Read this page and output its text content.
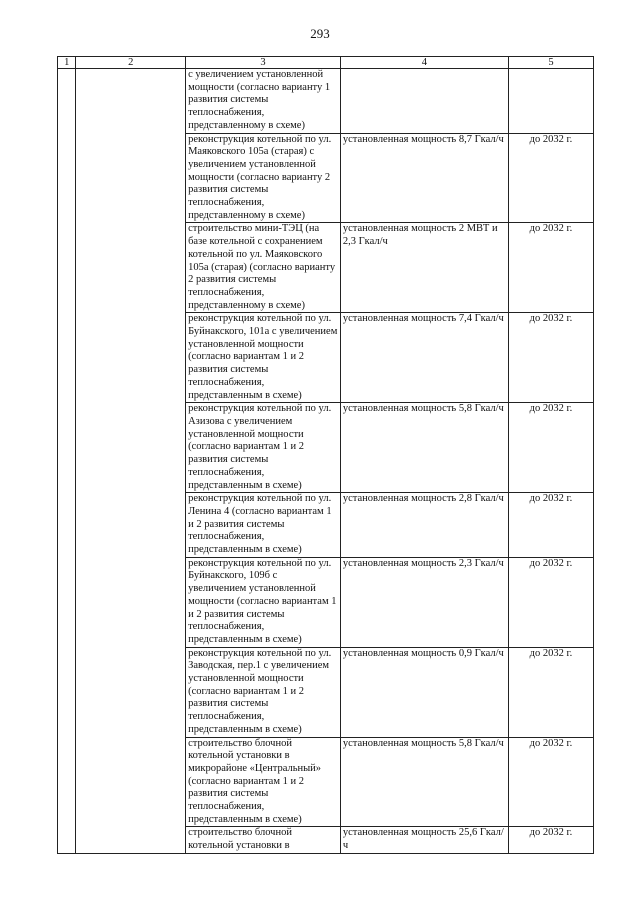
293
1	2	3	4	5
		с увеличением установленной мощности (согласно варианту 1 развития системы теплоснабжения, представленному в схеме)		
		реконструкция котельной по ул. Маяковского 105а (старая) с увеличением установленной мощности (согласно варианту 2 развития системы теплоснабжения, представленному в схеме)	установленная мощность 8,7 Гкал/ч	до 2032 г.
		строительство мини-ТЭЦ (на базе котельной с сохранением котельной по ул. Маяковского 105а (старая) (согласно варианту 2 развития системы теплоснабжения, представленному в схеме)	установленная мощность 2 МВТ и 2,3 Гкал/ч	до 2032 г.
		реконструкция котельной по ул. Буйнакского, 101а с увеличением установленной мощности (согласно вариантам 1 и 2 развития системы теплоснабжения, представленным в схеме)	установленная мощность 7,4 Гкал/ч	до 2032 г.
		реконструкция котельной по ул. Азизова с увеличением установленной мощности (согласно вариантам 1 и 2 развития системы теплоснабжения, представленным в схеме)	установленная мощность 5,8 Гкал/ч	до 2032 г.
		реконструкция котельной по ул. Ленина 4 (согласно вариантам 1 и 2 развития системы теплоснабжения, представленным в схеме)	установленная мощность 2,8 Гкал/ч	до 2032 г.
		реконструкция котельной по ул. Буйнакского, 109б с увеличением установленной мощности (согласно вариантам 1 и 2 развития системы теплоснабжения, представленным в схеме)	установленная мощность 2,3 Гкал/ч	до 2032 г.
		реконструкция котельной по ул. Заводская, пер.1 с увеличением установленной мощности (согласно вариантам 1 и 2 развития системы теплоснабжения, представленным в схеме)	установленная мощность 0,9 Гкал/ч	до 2032 г.
		строительство блочной котельной установки в микрорайоне «Центральный» (согласно вариантам 1 и 2 развития системы теплоснабжения, представленным в схеме)	установленная мощность 5,8 Гкал/ч	до 2032 г.
		строительство блочной котельной установки в	установленная мощность 25,6 Гкал/ч	до 2032 г.
